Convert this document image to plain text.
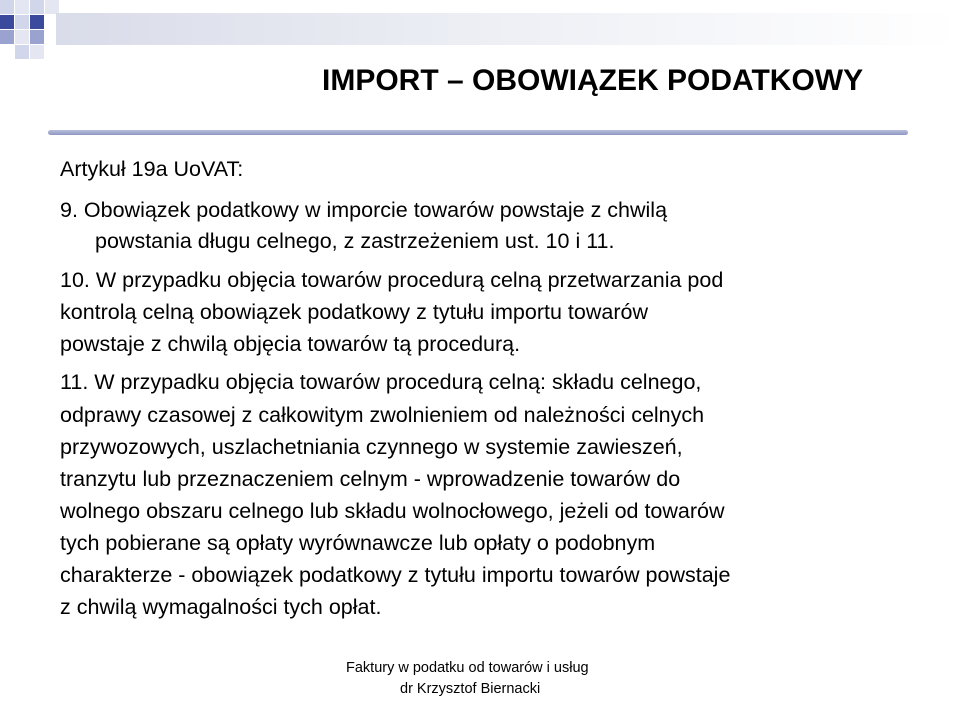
IMPORT – OBOWIĄZEK PODATKOWY
Artykuł 19a UoVAT:
9. Obowiązek podatkowy w imporcie towarów powstaje z chwilą
powstania długu celnego, z zastrzeżeniem ust. 10 i 11.
10. W przypadku objęcia towarów procedurą celną przetwarzania pod
kontrolą celną obowiązek podatkowy z tytułu importu towarów
powstaje z chwilą objęcia towarów tą procedurą.
11. W przypadku objęcia towarów procedurą celną: składu celnego,
odprawy czasowej z całkowitym zwolnieniem od należności celnych
przywozowych, uszlachetniania czynnego w systemie zawieszeń,
tranzytu lub przeznaczeniem celnym - wprowadzenie towarów do
wolnego obszaru celnego lub składu wolnocłowego, jeżeli od towarów
tych pobierane są opłaty wyrównawcze lub opłaty o podobnym
charakterze - obowiązek podatkowy z tytułu importu towarów powstaje
z chwilą wymagalności tych opłat.
Faktury w podatku od towarów i usług
dr Krzysztof Biernacki
